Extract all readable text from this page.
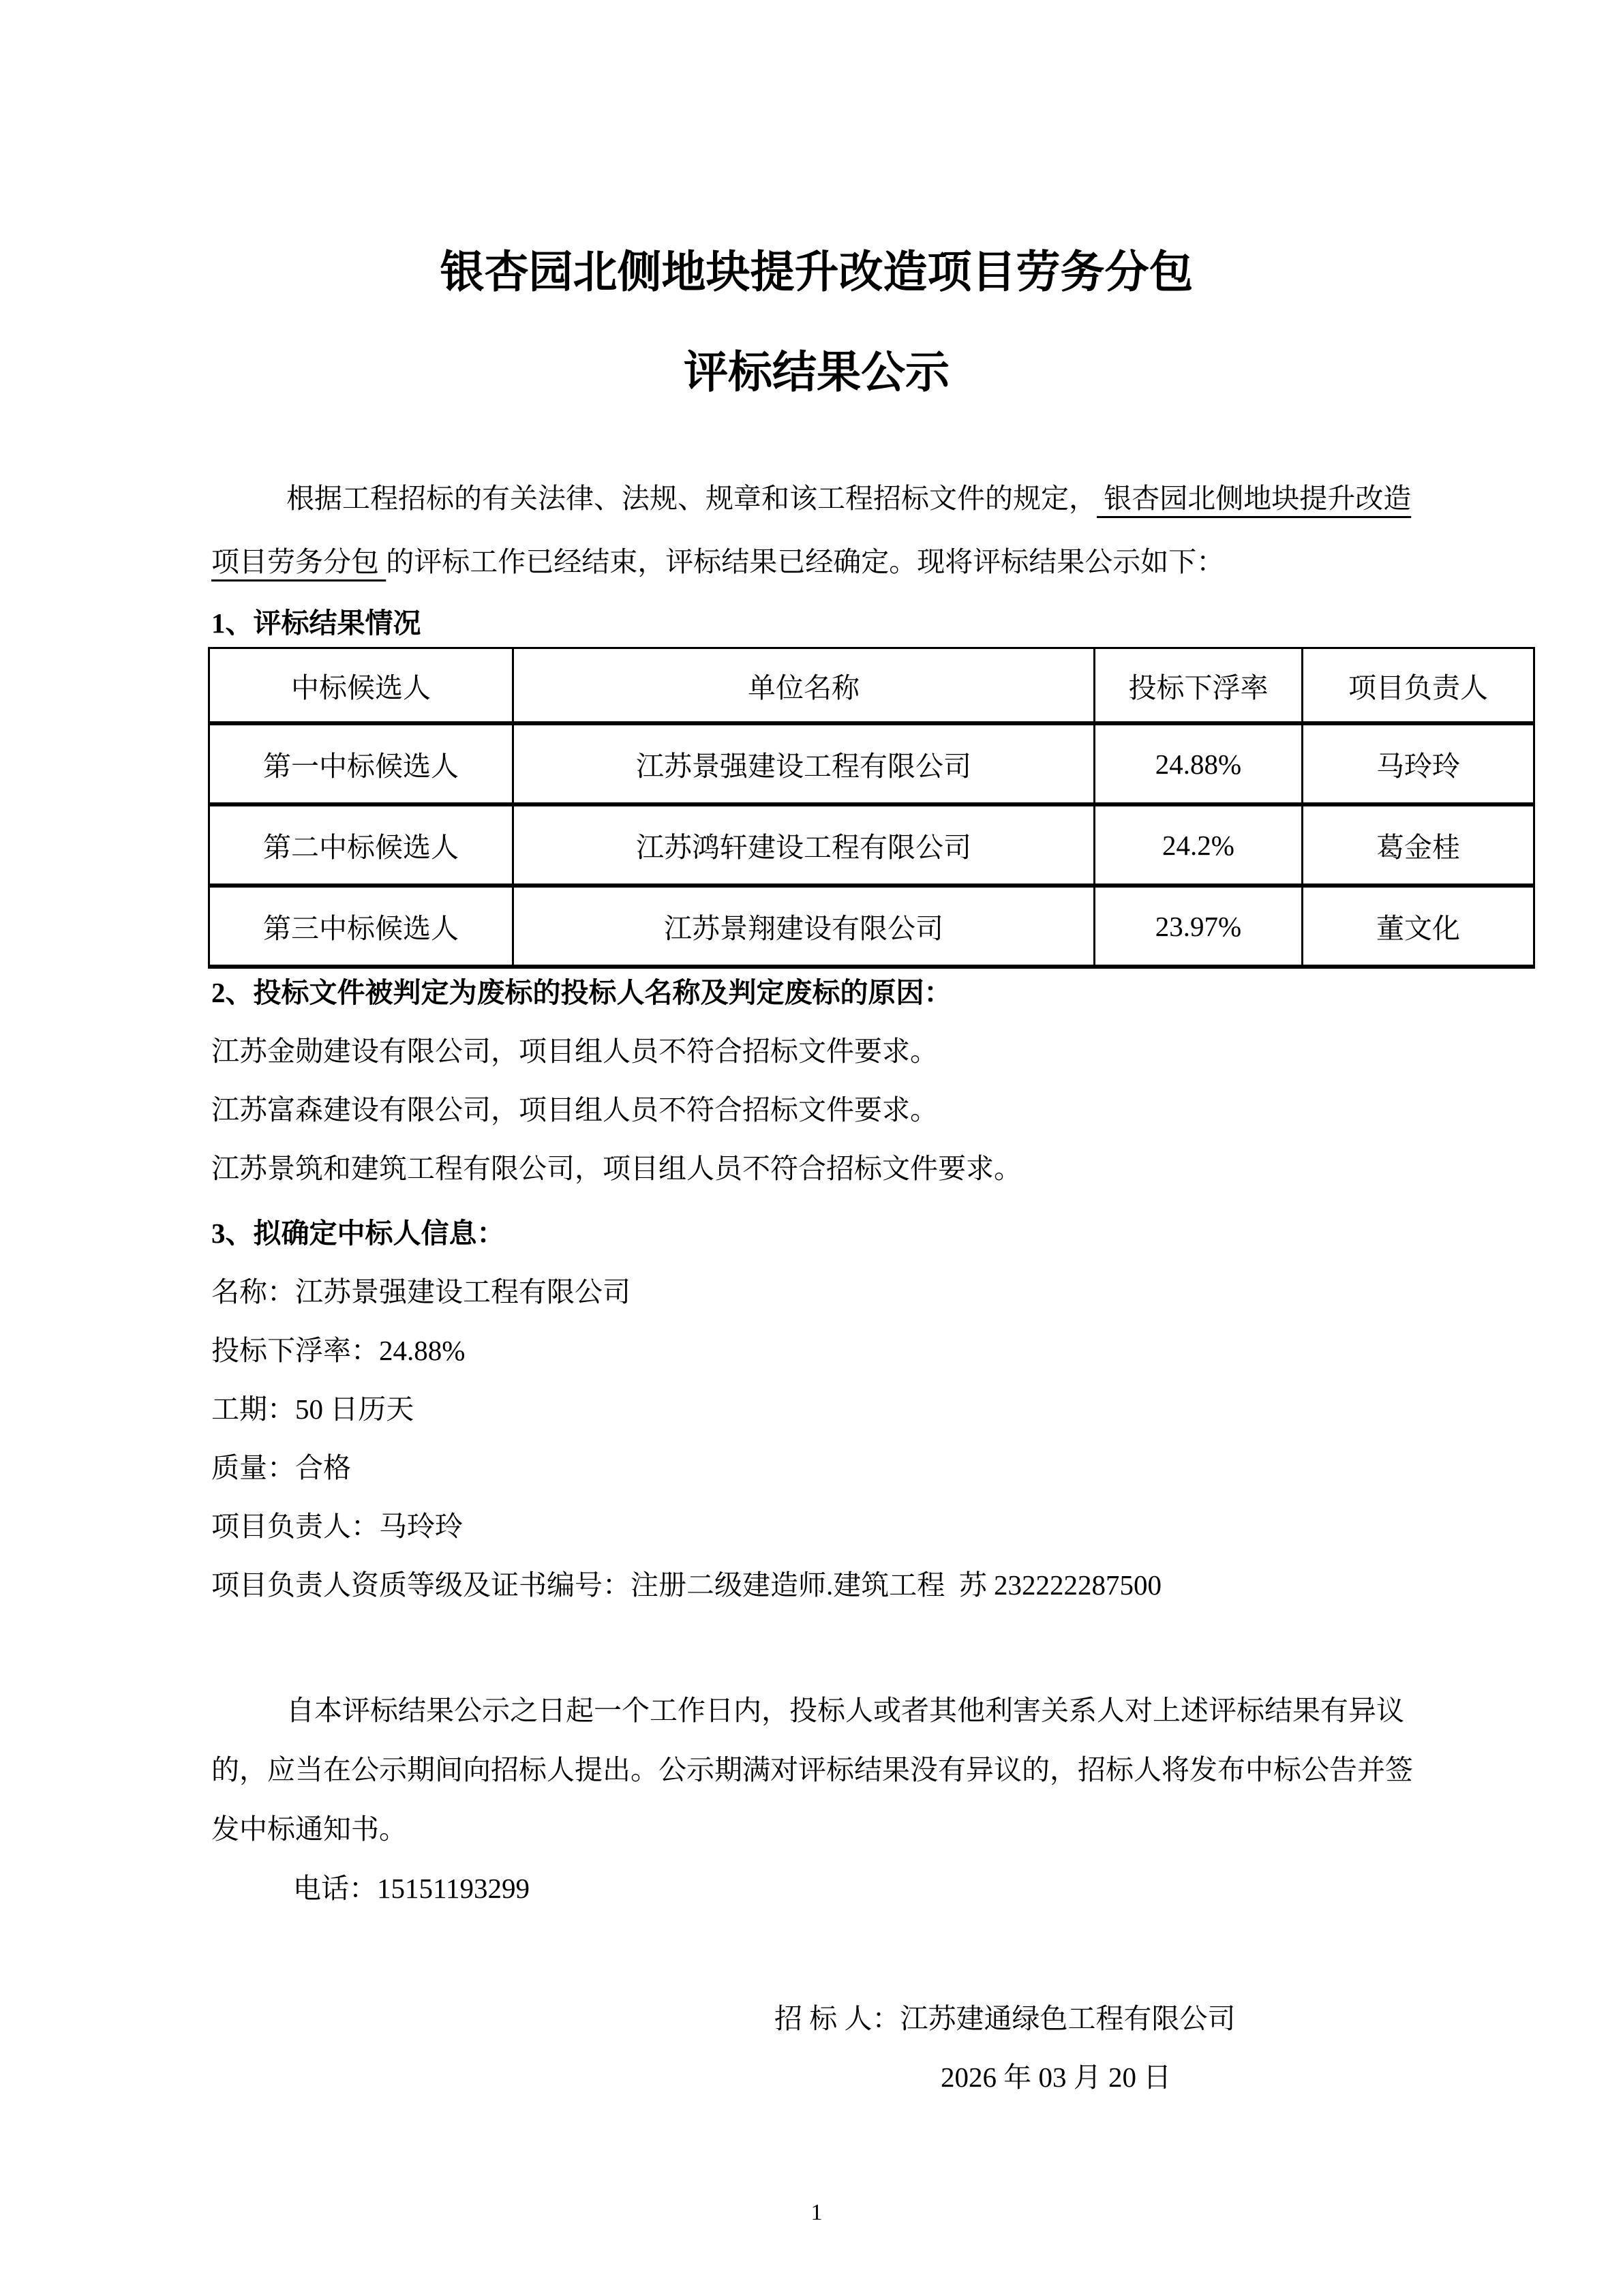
银杏园北侧地块提升改造项目劳务分包
评标结果公示

根据工程招标的有关法律、法规、规章和该工程招标文件的规定， 银杏园北侧地块提升改造项目劳务分包 的评标工作已经结束，评标结果已经确定。现将评标结果公示如下：

1、评标结果情况

中标候选人	单位名称	投标下浮率	项目负责人
第一中标候选人	江苏景强建设工程有限公司	24.88%	马玲玲
第二中标候选人	江苏鸿轩建设工程有限公司	24.2%	葛金桂
第三中标候选人	江苏景翔建设有限公司	23.97%	董文化

2、投标文件被判定为废标的投标人名称及判定废标的原因：

江苏金勋建设有限公司，项目组人员不符合招标文件要求。

江苏富森建设有限公司，项目组人员不符合招标文件要求。

江苏景筑和建筑工程有限公司，项目组人员不符合招标文件要求。

3、拟确定中标人信息：

名称：江苏景强建设工程有限公司

投标下浮率：24.88%

工期：50 日历天

质量：合格

项目负责人：马玲玲

项目负责人资质等级及证书编号：注册二级建造师.建筑工程  苏 232222287500

自本评标结果公示之日起一个工作日内，投标人或者其他利害关系人对上述评标结果有异议的，应当在公示期间向招标人提出。公示期满对评标结果没有异议的，招标人将发布中标公告并签发中标通知书。

电话：15151193299

招 标 人：江苏建通绿色工程有限公司

2026 年 03 月 20 日

1
